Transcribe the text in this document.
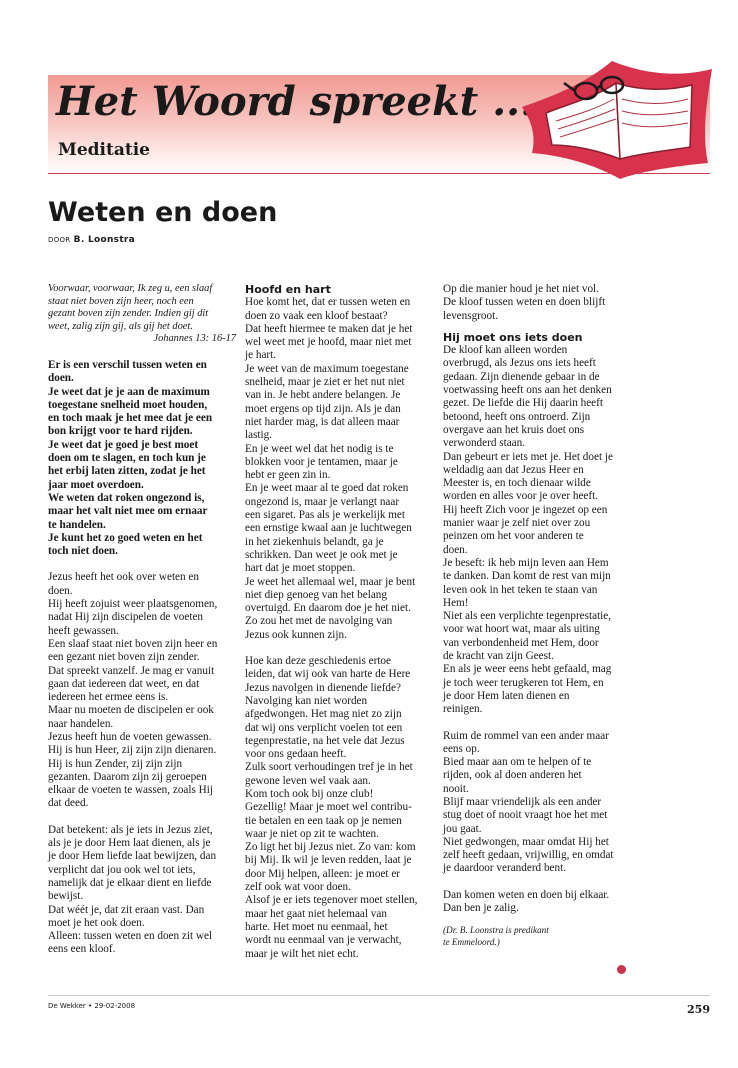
Het Woord spreekt ...
Meditatie
Weten en doen
DOOR B. Loonstra

Voorwaar, voorwaar, Ik zeg u, een slaaf

staat niet boven zijn heer, noch een

gezant boven zijn zender. Indien gij dit

weet, zalig zijn gij, als gij het doet.

Johannes 13: 16-17

Er is een verschil tussen weten en

doen.

Je weet dat je je aan de maximum

toegestane snelheid moet houden,

en toch maak je het mee dat je een

bon krijgt voor te hard rijden.

Je weet dat je goed je best moet

doen om te slagen, en toch kun je

het erbij laten zitten, zodat je het

jaar moet overdoen.

We weten dat roken ongezond is,

maar het valt niet mee om ernaar

te handelen.

Je kunt het zo goed weten en het

toch niet doen.

Jezus heeft het ook over weten en

doen.

Hij heeft zojuist weer plaatsgenomen,

nadat Hij zijn discipelen de voeten

heeft gewassen.

Een slaaf staat niet boven zijn heer en

een gezant niet boven zijn zender.

Dat spreekt vanzelf. Je mag er vanuit

gaan dat iedereen dat weet, en dat

iedereen het ermee eens is.

Maar nu moeten de discipelen er ook

naar handelen.

Jezus heeft hun de voeten gewassen.

Hij is hun Heer, zij zijn zijn dienaren.

Hij is hun Zender, zij zijn zijn

gezanten. Daarom zijn zij geroepen

elkaar de voeten te wassen, zoals Hij

dat deed.

Dat betekent: als je iets in Jezus ziet,

als je je door Hem laat dienen, als je

je door Hem liefde laat bewijzen, dan

verplicht dat jou ook wel tot iets,

namelijk dat je elkaar dient en liefde

bewijst.

Dat wéét je, dat zit eraan vast. Dan

moet je het ook doen.

Alleen: tussen weten en doen zit wel

eens een kloof.

Hoofd en hart

Hoe komt het, dat er tussen weten en

doen zo vaak een kloof bestaat?

Dat heeft hiermee te maken dat je het

wel weet met je hoofd, maar niet met

je hart.

Je weet van de maximum toegestane

snelheid, maar je ziet er het nut niet

van in. Je hebt andere belangen. Je

moet ergens op tijd zijn. Als je dan

niet harder mag, is dat alleen maar

lastig.

En je weet wel dat het nodig is te

blokken voor je tentamen, maar je

hebt er geen zin in.

En je weet maar al te goed dat roken

ongezond is, maar je verlangt naar

een sigaret. Pas als je werkelijk met

een ernstige kwaal aan je luchtwegen

in het ziekenhuis belandt, ga je

schrikken. Dan weet je ook met je

hart dat je moet stoppen.

Je weet het allemaal wel, maar je bent

niet diep genoeg van het belang

overtuigd. En daarom doe je het niet.

Zo zou het met de navolging van

Jezus ook kunnen zijn.

Hoe kan deze geschiedenis ertoe

leiden, dat wij ook van harte de Here

Jezus navolgen in dienende liefde?

Navolging kan niet worden

afgedwongen. Het mag niet zo zijn

dat wij ons verplicht voelen tot een

tegenprestatie, na het vele dat Jezus

voor ons gedaan heeft.

Zulk soort verhoudingen tref je in het

gewone leven wel vaak aan.

Kom toch ook bij onze club!

Gezellig! Maar je moet wel contribu-

tie betalen en een taak op je nemen

waar je niet op zit te wachten.

Zo ligt het bij Jezus niet. Zo van: kom

bij Mij. Ik wil je leven redden, laat je

door Mij helpen, alleen: je moet er

zelf ook wat voor doen.

Alsof je er iets tegenover moet stellen,

maar het gaat niet helemaal van

harte. Het moet nu eenmaal, het

wordt nu eenmaal van je verwacht,

maar je wilt het niet echt.

Op die manier houd je het niet vol.

De kloof tussen weten en doen blijft

levensgroot.

Hij moet ons iets doen

De kloof kan alleen worden

overbrugd, als Jezus ons iets heeft

gedaan. Zijn dienende gebaar in de

voetwassing heeft ons aan het denken

gezet. De liefde die Hij daarin heeft

betoond, heeft ons ontroerd. Zijn

overgave aan het kruis doet ons

verwonderd staan.

Dan gebeurt er iets met je. Het doet je

weldadig aan dat Jezus Heer en

Meester is, en toch dienaar wilde

worden en alles voor je over heeft.

Hij heeft Zich voor je ingezet op een

manier waar je zelf niet over zou

peinzen om het voor anderen te

doen.

Je beseft: ik heb mijn leven aan Hem

te danken. Dan komt de rest van mijn

leven ook in het teken te staan van

Hem!

Niet als een verplichte tegenprestatie,

voor wat hoort wat, maar als uiting

van verbondenheid met Hem, door

de kracht van zijn Geest.

En als je weer eens hebt gefaald, mag

je toch weer terugkeren tot Hem, en

je door Hem laten dienen en

reinigen.

Ruim de rommel van een ander maar

eens op.

Bied maar aan om te helpen of te

rijden, ook al doen anderen het

nooit.

Blijf maar vriendelijk als een ander

stug doet of nooit vraagt hoe het met

jou gaat.

Niet gedwongen, maar omdat Hij het

zelf heeft gedaan, vrijwillig, en omdat

je daardoor veranderd bent.

Dan komen weten en doen bij elkaar.

Dan ben je zalig.

(Dr. B. Loonstra is predikant

te Emmeloord.)

De Wekker • 29-02-2008	259
